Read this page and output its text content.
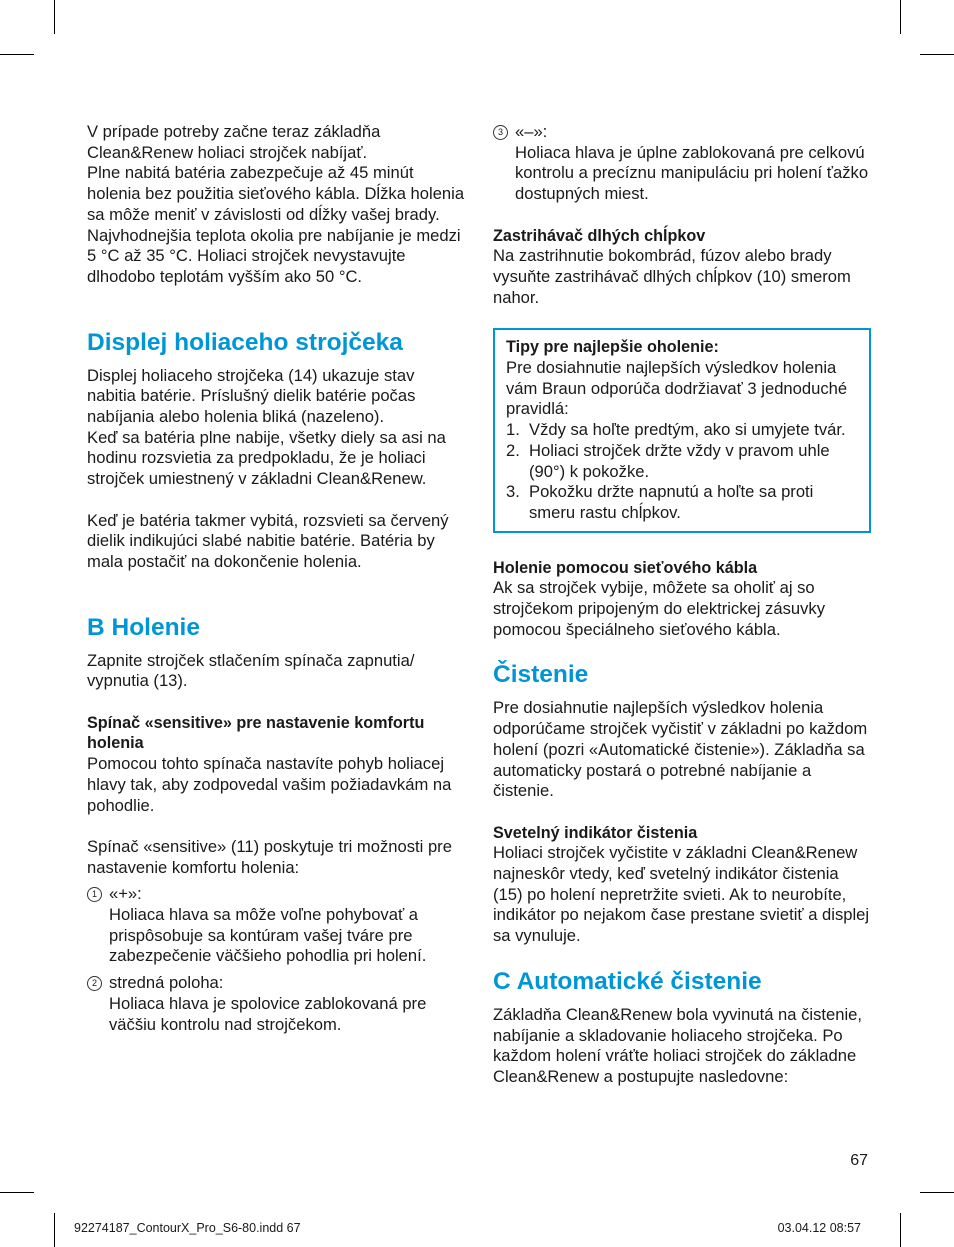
V prípade potreby začne teraz základňa Clean&Renew holiaci strojček nabíjať.

Plne nabitá batéria zabezpečuje až 45 minút holenia bez použitia sieťového kábla. Dĺžka holenia sa môže meniť v závislosti od dĺžky vašej brady.

Najvhodnejšia teplota okolia pre nabíjanie je medzi 5 °C až 35 °C. Holiaci strojček nevystavujte dlhodobo teplotám vyšším ako 50 °C.

Displej holiaceho strojčeka

Displej holiaceho strojčeka (14) ukazuje stav nabitia batérie. Príslušný dielik batérie počas nabíjania alebo holenia bliká (nazeleno).

Keď sa batéria plne nabije, všetky diely sa asi na hodinu rozsvietia za predpokladu, že je holiaci strojček umiestnený v základni Clean&Renew.

Keď je batéria takmer vybitá, rozsvieti sa červený dielik indikujúci slabé nabitie batérie. Batéria by mala postačiť na dokončenie holenia.

B Holenie

Zapnite strojček stlačením spínača zapnutia/ vypnutia (13).

Spínač «sensitive» pre nastavenie komfortu holenia

Pomocou tohto spínača nastavíte pohyb holiacej hlavy tak, aby zodpovedal vašim požiadavkám na pohodlie.

Spínač «sensitive» (11) poskytuje tri možnosti pre nastavenie komfortu holenia:

1 «+»:

Holiaca hlava sa môže voľne pohybovať a prispôsobuje sa kontúram vašej tváre pre zabezpečenie väčšieho pohodlia pri holení.

2 stredná poloha:

Holiaca hlava je spolovice zablokovaná pre väčšiu kontrolu nad strojčekom.

3 «–»:

Holiaca hlava je úplne zablokovaná pre celkovú kontrolu a precíznu manipuláciu pri holení ťažko dostupných miest.

Zastrihávač dlhých chĺpkov

Na zastrihnutie bokombrád, fúzov alebo brady vysuňte zastrihávač dlhých chĺpkov (10) smerom nahor.

Tipy pre najlepšie oholenie:

Pre dosiahnutie najlepších výsledkov holenia vám Braun odporúča dodržiavať 3 jednoduché pravidlá:

1. Vždy sa hoľte predtým, ako si umyjete tvár.
2. Holiaci strojček držte vždy v pravom uhle (90°) k pokožke.
3. Pokožku držte napnutú a hoľte sa proti smeru rastu chĺpkov.

Holenie pomocou sieťového kábla

Ak sa strojček vybije, môžete sa oholiť aj so strojčekom pripojeným do elektrickej zásuvky pomocou špeciálneho sieťového kábla.

Čistenie

Pre dosiahnutie najlepších výsledkov holenia odporúčame strojček vyčistiť v základni po každom holení (pozri «Automatické čistenie»). Základňa sa automaticky postará o potrebné nabíjanie a čistenie.

Svetelný indikátor čistenia

Holiaci strojček vyčistite v základni Clean&Renew najneskôr vtedy, keď svetelný indikátor čistenia (15) po holení nepretržite svieti. Ak to neurobíte, indikátor po nejakom čase prestane svietiť a displej sa vynuluje.

C Automatické čistenie

Základňa Clean&Renew bola vyvinutá na čistenie, nabíjanie a skladovanie holiaceho strojčeka. Po každom holení vráťte holiaci strojček do základne Clean&Renew a postupujte nasledovne:

67
92274187_ContourX_Pro_S6-80.indd 67	03.04.12 08:57
